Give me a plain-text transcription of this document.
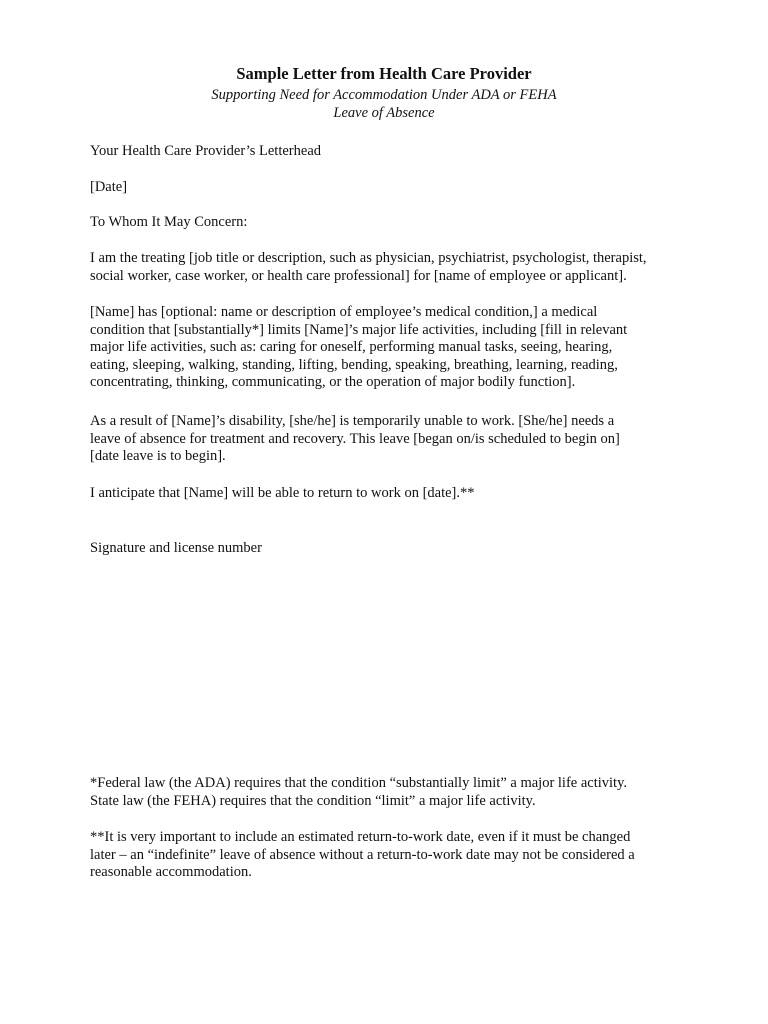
Sample Letter from Health Care Provider
Supporting Need for Accommodation Under ADA or FEHA
Leave of Absence

Your Health Care Provider’s Letterhead

[Date]

To Whom It May Concern:

I am the treating [job title or description, such as physician, psychiatrist, psychologist, therapist,
social worker, case worker, or health care professional] for [name of employee or applicant].

[Name] has [optional: name or description of employee’s medical condition,] a medical
condition that [substantially*] limits [Name]’s major life activities, including [fill in relevant
major life activities, such as: caring for oneself, performing manual tasks, seeing, hearing,
eating, sleeping, walking, standing, lifting, bending, speaking, breathing, learning, reading,
concentrating, thinking, communicating, or the operation of major bodily function].

As a result of [Name]’s disability, [she/he] is temporarily unable to work. [She/he] needs a
leave of absence for treatment and recovery. This leave [began on/is scheduled to begin on]
[date leave is to begin].

I anticipate that [Name] will be able to return to work on [date].**

Signature and license number

*Federal law (the ADA) requires that the condition “substantially limit” a major life activity.
State law (the FEHA) requires that the condition “limit” a major life activity.

**It is very important to include an estimated return-to-work date, even if it must be changed
later – an “indefinite” leave of absence without a return-to-work date may not be considered a
reasonable accommodation.
